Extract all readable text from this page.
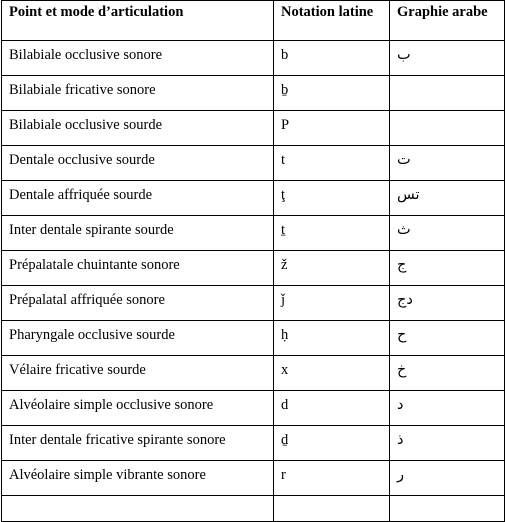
Point et mode d’articulation	Notation latine	Graphie arabe
Bilabiale occlusive sonore	b	ب
Bilabiale fricative sonore	ḇ	
Bilabiale occlusive sourde	P	
Dentale occlusive sourde	t	ت
Dentale affriquée sourde	ţ	تس
Inter dentale spirante sourde	ṯ	ث
Prépalatale chuintante sonore	ž	ج
Prépalatal affriquée sonore	ǰ	دج
Pharyngale occlusive sourde	ḥ	ح
Vélaire fricative sourde	x	خ
Alvéolaire simple occlusive sonore	d	د
Inter dentale fricative spirante sonore	ḏ	ذ
Alvéolaire simple vibrante sonore	r	ر
